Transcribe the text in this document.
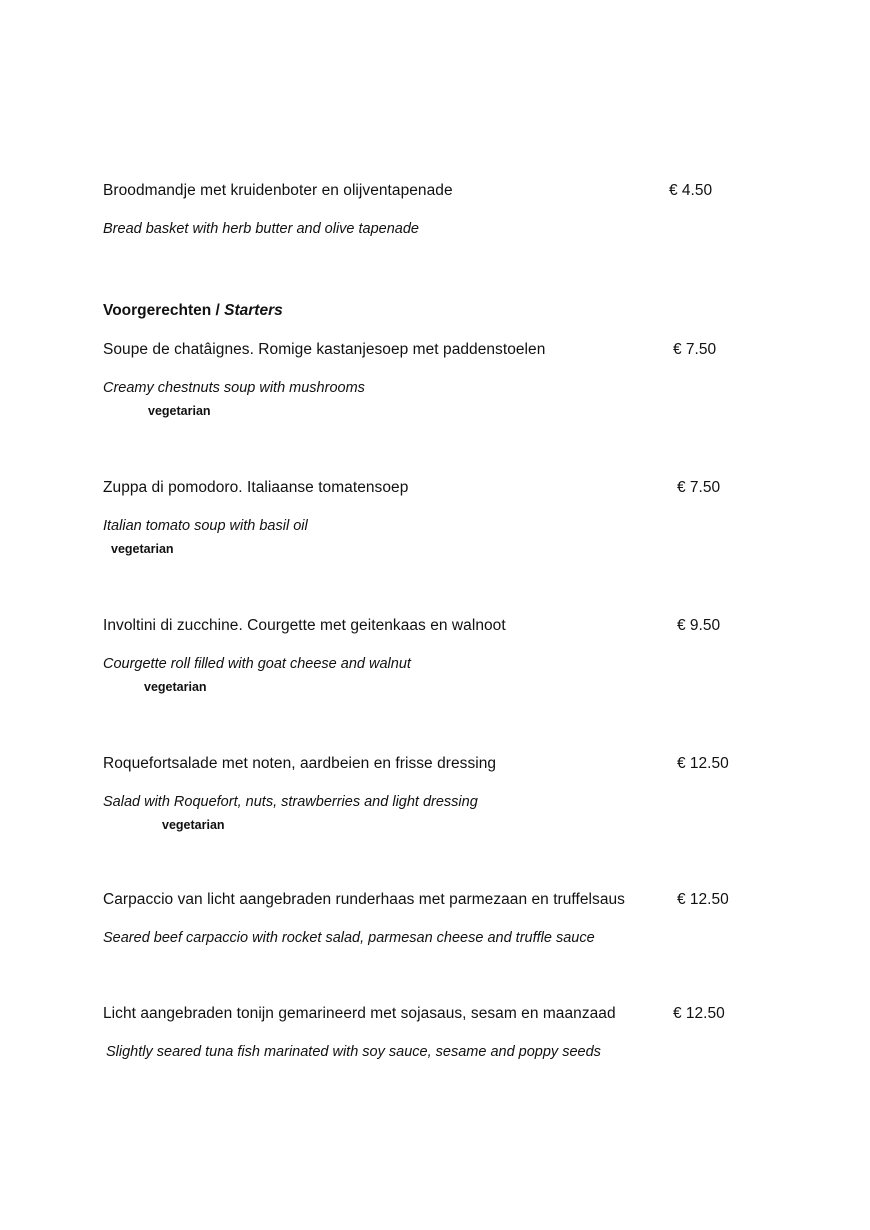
Broodmandje met kruidenboter en olijventapenade	€ 4.50
Bread basket with herb butter and olive tapenade
Voorgerechten / Starters
Soupe de chatâignes. Romige kastanjesoep met paddenstoelen	€ 7.50
Creamy chestnuts soup with mushrooms
vegetarian
Zuppa di pomodoro. Italiaanse tomatensoep	€ 7.50
Italian tomato soup with basil oil
vegetarian
Involtini di zucchine. Courgette met geitenkaas en walnoot	€ 9.50
Courgette roll filled with goat cheese and walnut
vegetarian
Roquefortsalade met noten, aardbeien en frisse dressing	€ 12.50
Salad with Roquefort, nuts, strawberries and light dressing
vegetarian
Carpaccio van licht aangebraden runderhaas met parmezaan en truffelsaus	€ 12.50
Seared beef carpaccio with rocket salad, parmesan cheese and truffle sauce
Licht aangebraden tonijn gemarineerd met sojasaus, sesam en maanzaad	€ 12.50
Slightly seared tuna fish marinated with soy sauce, sesame and poppy seeds
